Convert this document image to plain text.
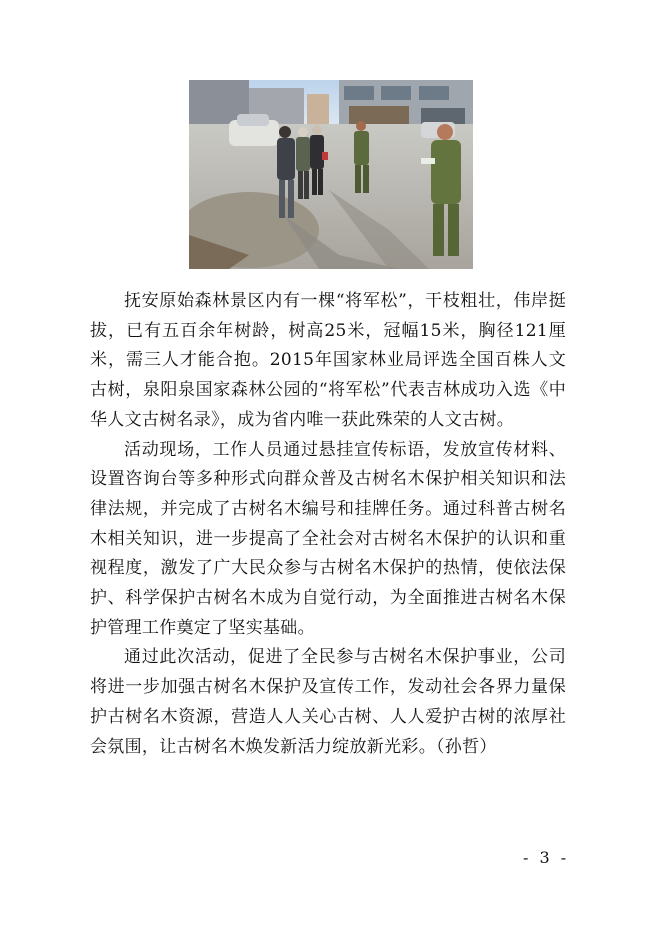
抚安原始森林景区内有一棵“将军松”，干枝粗壮，伟岸挺拔，已有五百余年树龄，树高25米，冠幅15米，胸径121厘米，需三人才能合抱。2015年国家林业局评选全国百株人文古树，泉阳泉国家森林公园的“将军松”代表吉林成功入选《中华人文古树名录》，成为省内唯一获此殊荣的人文古树。

活动现场，工作人员通过悬挂宣传标语，发放宣传材料、设置咨询台等多种形式向群众普及古树名木保护相关知识和法律法规，并完成了古树名木编号和挂牌任务。通过科普古树名木相关知识，进一步提高了全社会对古树名木保护的认识和重视程度，激发了广大民众参与古树名木保护的热情，使依法保护、科学保护古树名木成为自觉行动，为全面推进古树名木保护管理工作奠定了坚实基础。

通过此次活动，促进了全民参与古树名木保护事业，公司将进一步加强古树名木保护及宣传工作，发动社会各界力量保护古树名木资源，营造人人关心古树、人人爱护古树的浓厚社会氛围，让古树名木焕发新活力绽放新光彩。（孙哲）

- 3 -
